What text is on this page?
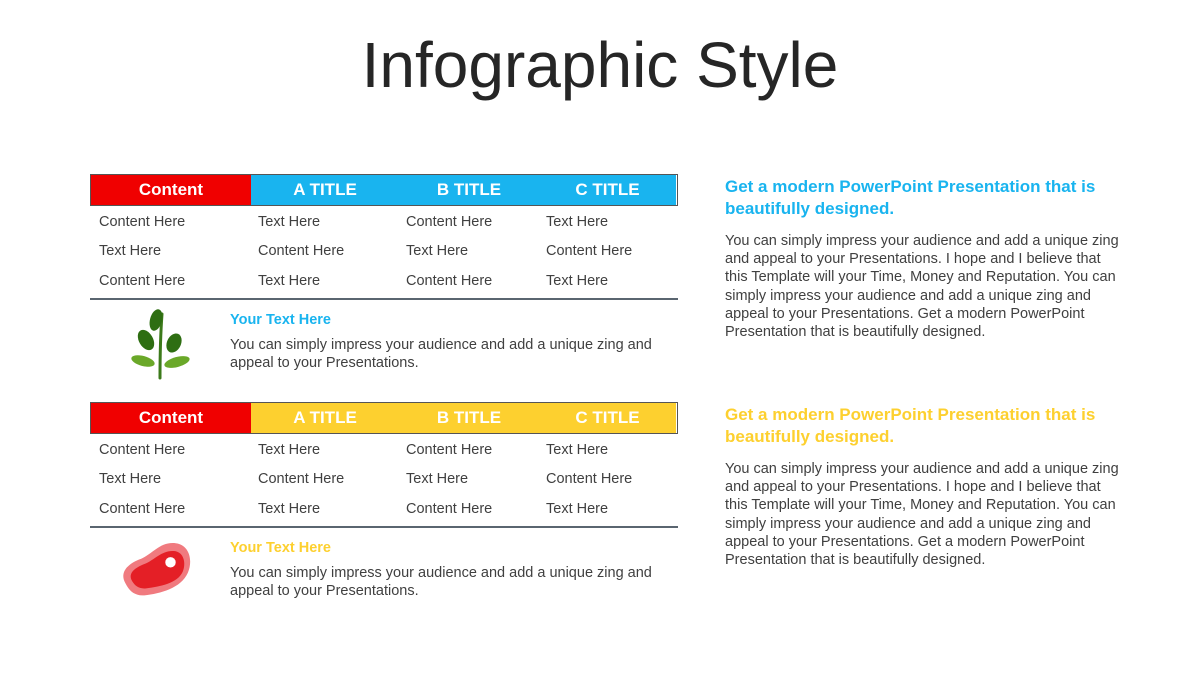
Infographic Style
Content	A TITLE	B TITLE	C TITLE
Content Here	Text Here	Content Here	Text Here
Text Here	Content Here	Text Here	Content Here
Content Here	Text Here	Content Here	Text Here
Your Text Here
You can simply impress your audience and add a unique zing and appeal to your Presentations.
Content	A TITLE	B TITLE	C TITLE
Content Here	Text Here	Content Here	Text Here
Text Here	Content Here	Text Here	Content Here
Content Here	Text Here	Content Here	Text Here
Your Text Here
You can simply impress your audience and add a unique zing and appeal to your Presentations.
Get a modern PowerPoint Presentation that is beautifully designed.
You can simply impress your audience and add a unique zing and appeal to your Presentations. I hope and I believe that this Template will your Time, Money and Reputation. You can simply impress your audience and add a unique zing and appeal to your Presentations. Get a modern PowerPoint Presentation that is beautifully designed.
Get a modern PowerPoint Presentation that is beautifully designed.
You can simply impress your audience and add a unique zing and appeal to your Presentations. I hope and I believe that this Template will your Time, Money and Reputation. You can simply impress your audience and add a unique zing and appeal to your Presentations. Get a modern PowerPoint Presentation that is beautifully designed.
